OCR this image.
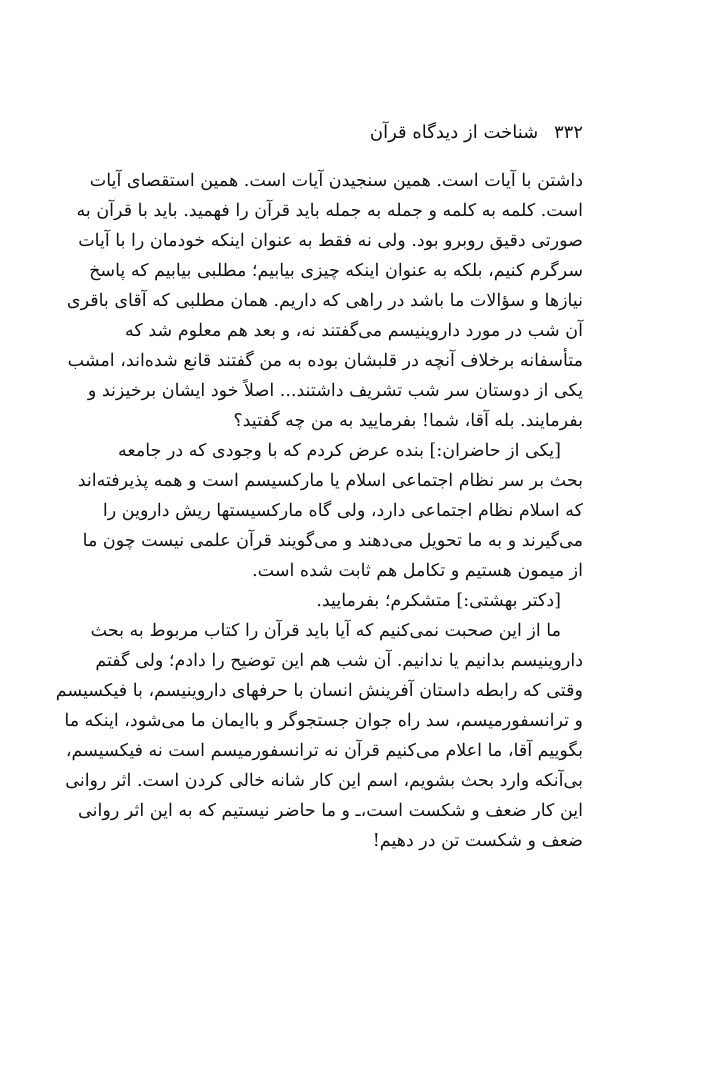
۳۳۲ شناخت از دیدگاه قرآن
داشتن با آیات است. همین سنجیدن آیات است. همین استقصای آیات
است. کلمه به کلمه و جمله به جمله باید قرآن را فهمید. باید با قرآن به
صورتی دقیق روبرو بود. ولی نه فقط به عنوان اینکه خودمان را با آیات
سرگرم کنیم، بلکه به عنوان اینکه چیزی بیابیم؛ مطلبی بیابیم که پاسخ
نیازها و سؤالات ما باشد در راهی که داریم. همان مطلبی که آقای باقری
آن شب در مورد داروینیسم می‌گفتند نه، و بعد هم معلوم شد که
متأسفانه برخلاف آنچه در قلبشان بوده به من گفتند قانع شده‌اند، امشب
یکی از دوستان سر شب تشریف داشتند... اصلاً خود ایشان برخیزند و
بفرمایند. بله آقا، شما! بفرمایید به من چه گفتید؟
[یکی از حاضران:] بنده عرض کردم که با وجودی که در جامعه
بحث بر سر نظام اجتماعی اسلام یا مارکسیسم است و همه پذیرفته‌اند
که اسلام نظام اجتماعی دارد، ولی گاه مارکسیستها ریش داروین را
می‌گیرند و به ما تحویل می‌دهند و می‌گویند قرآن علمی نیست چون ما
از میمون هستیم و تکامل هم ثابت شده است.
[دکتر بهشتی:] متشکرم؛ بفرمایید.
ما از این صحبت نمی‌کنیم که آیا باید قرآن را کتاب مربوط به بحث
داروینیسم بدانیم یا ندانیم. آن شب هم این توضیح را دادم؛ ولی گفتم
وقتی که رابطه داستان آفرینش انسان با حرفهای داروینیسم، با فیکسیسم
و ترانسفورمیسم، سد راه جوان جستجوگر و باایمان ما می‌شود، اینکه ما
بگوییم آقا، ما اعلام می‌کنیم قرآن نه ترانسفورمیسم است نه فیکسیسم،
بی‌آنکه وارد بحث بشویم، اسم این کار شانه خالی کردن است. اثر روانی
این کار ضعف و شکست است،ـ و ما حاضر نیستیم که به این اثر روانی
ضعف و شکست تن در دهیم!
